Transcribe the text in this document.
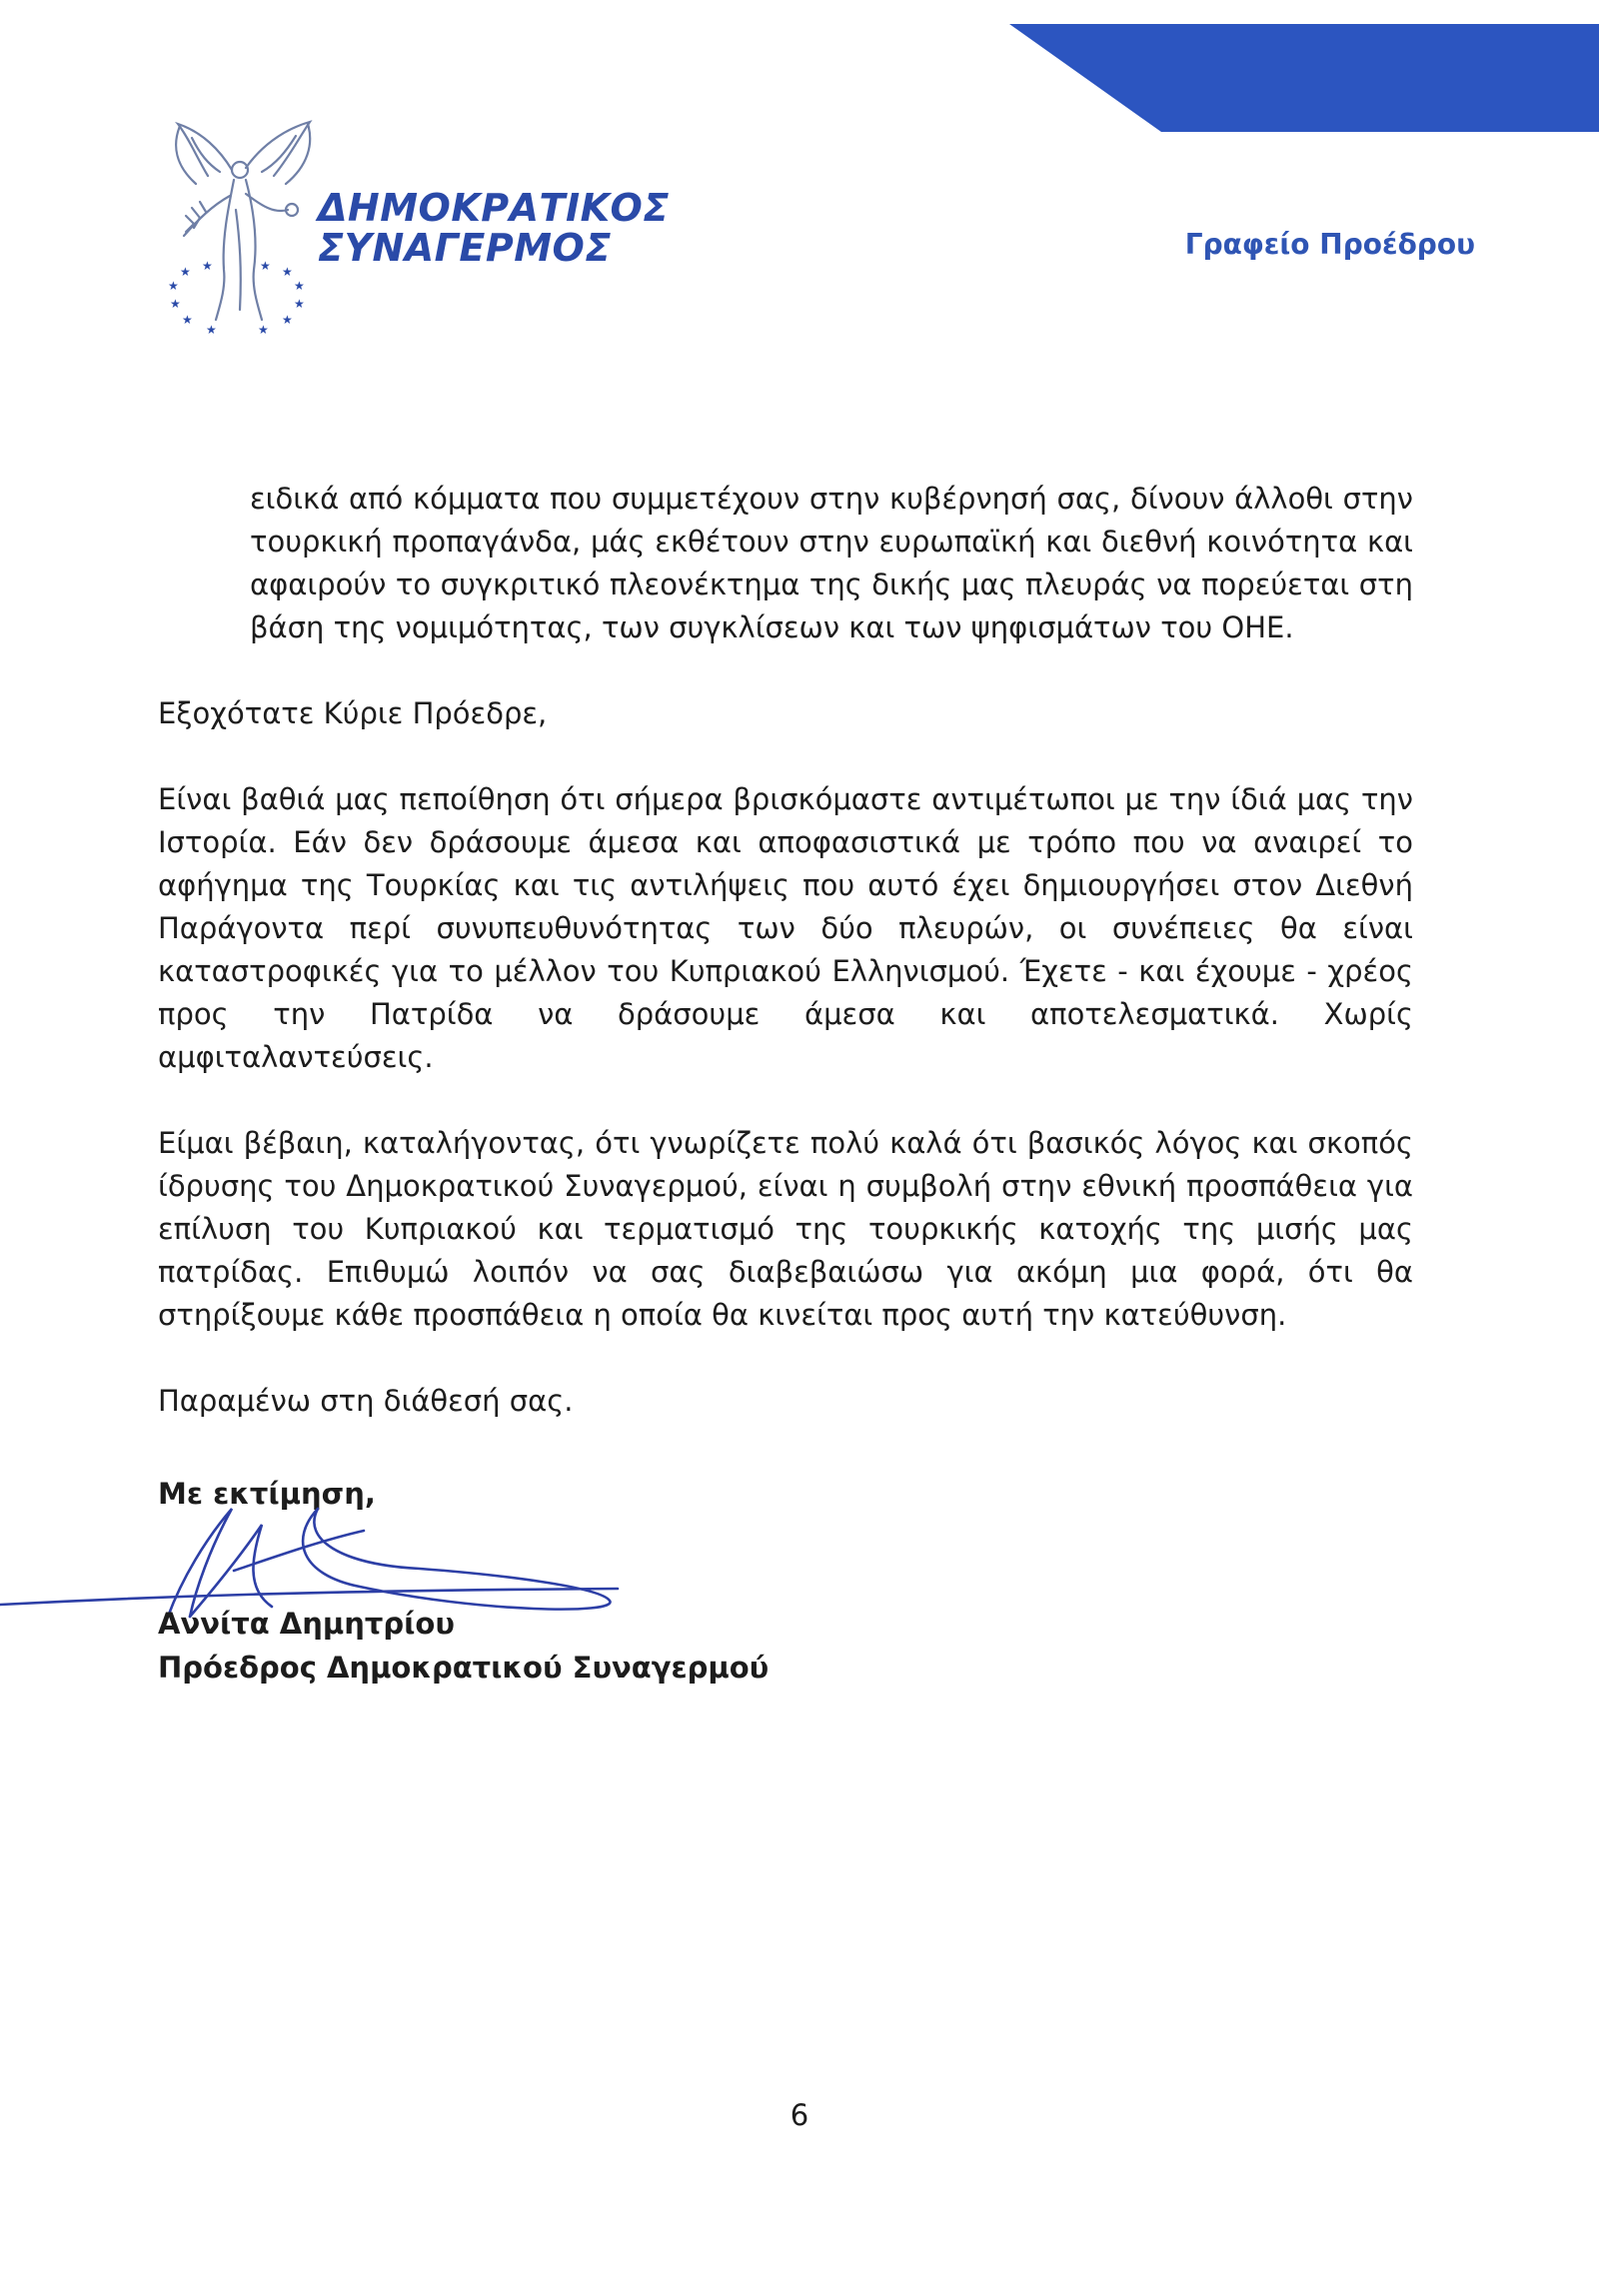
★
★ ★	★ ★
★
★	★
★	★
★	★
ΔΗΜΟΚΡΑΤΙΚΟΣ
ΣΥΝΑΓΕΡΜΟΣ	Γραφείο Προέδρου

ειδικά από κόμματα που συμμετέχουν στην κυβέρνησή σας, δίνουν άλλοθι στην τουρκική προπαγάνδα, μάς εκθέτουν στην ευρωπαϊκή και διεθνή κοινότητα και αφαιρούν το συγκριτικό πλεονέκτημα της δικής μας πλευράς να πορεύεται στη βάση της νομιμότητας, των συγκλίσεων και των ψηφισμάτων του ΟΗΕ.

Εξοχότατε Κύριε Πρόεδρε,

Είναι βαθιά μας πεποίθηση ότι σήμερα βρισκόμαστε αντιμέτωποι με την ίδιά μας την Ιστορία. Εάν δεν δράσουμε άμεσα και αποφασιστικά με τρόπο που να αναιρεί το αφήγημα της Τουρκίας και τις αντιλήψεις που αυτό έχει δημιουργήσει στον Διεθνή Παράγοντα περί συνυπευθυνότητας των δύο πλευρών, οι συνέπειες θα είναι καταστροφικές για το μέλλον του Κυπριακού Ελληνισμού. Έχετε - και έχουμε - χρέος προς την Πατρίδα να δράσουμε άμεσα και αποτελεσματικά. Χωρίς αμφιταλαντεύσεις.

Είμαι βέβαιη, καταλήγοντας, ότι γνωρίζετε πολύ καλά ότι βασικός λόγος και σκοπός ίδρυσης του Δημοκρατικού Συναγερμού, είναι η συμβολή στην εθνική προσπάθεια για επίλυση του Κυπριακού και τερματισμό της τουρκικής κατοχής της μισής μας πατρίδας. Επιθυμώ λοιπόν να σας διαβεβαιώσω για ακόμη μια φορά, ότι θα στηρίξουμε κάθε προσπάθεια η οποία θα κινείται προς αυτή την κατεύθυνση.

Παραμένω στη διάθεσή σας.

Με εκτίμηση,
Αννίτα Δημητρίου
Πρόεδρος Δημοκρατικού Συναγερμού
6
